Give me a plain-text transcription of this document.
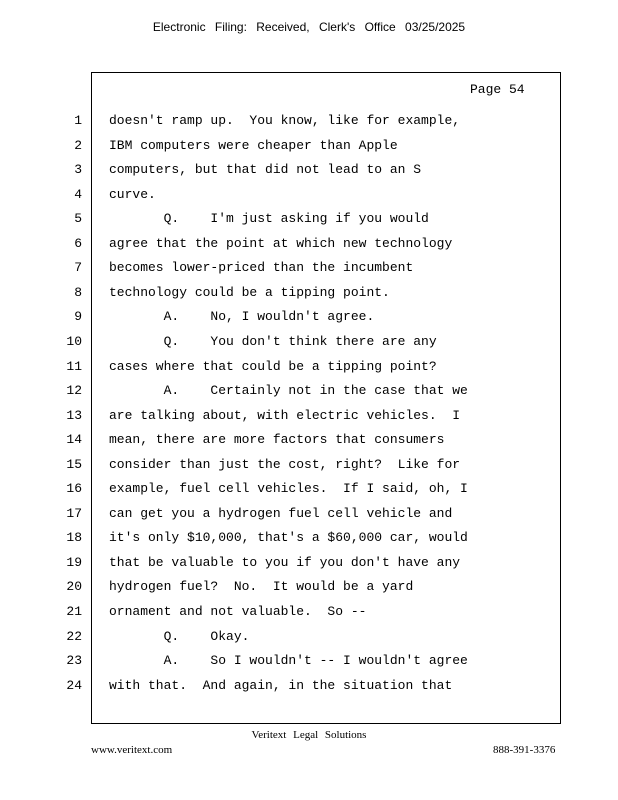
Electronic Filing: Received, Clerk's Office 03/25/2025
Page 54
1 doesn't ramp up.  You know, like for example,
2 IBM computers were cheaper than Apple
3 computers, but that did not lead to an S
4 curve.
5 Q.    I'm just asking if you would
6 agree that the point at which new technology
7 becomes lower-priced than the incumbent
8 technology could be a tipping point.
9 A.    No, I wouldn't agree.
10 Q.    You don't think there are any
11 cases where that could be a tipping point?
12 A.    Certainly not in the case that we
13 are talking about, with electric vehicles.  I
14 mean, there are more factors that consumers
15 consider than just the cost, right?  Like for
16 example, fuel cell vehicles.  If I said, oh, I
17 can get you a hydrogen fuel cell vehicle and
18 it's only $10,000, that's a $60,000 car, would
19 that be valuable to you if you don't have any
20 hydrogen fuel?  No.  It would be a yard
21 ornament and not valuable.  So --
22 Q.    Okay.
23 A.    So I wouldn't -- I wouldn't agree
24 with that.  And again, in the situation that
Veritext Legal Solutions
www.veritext.com	888-391-3376
